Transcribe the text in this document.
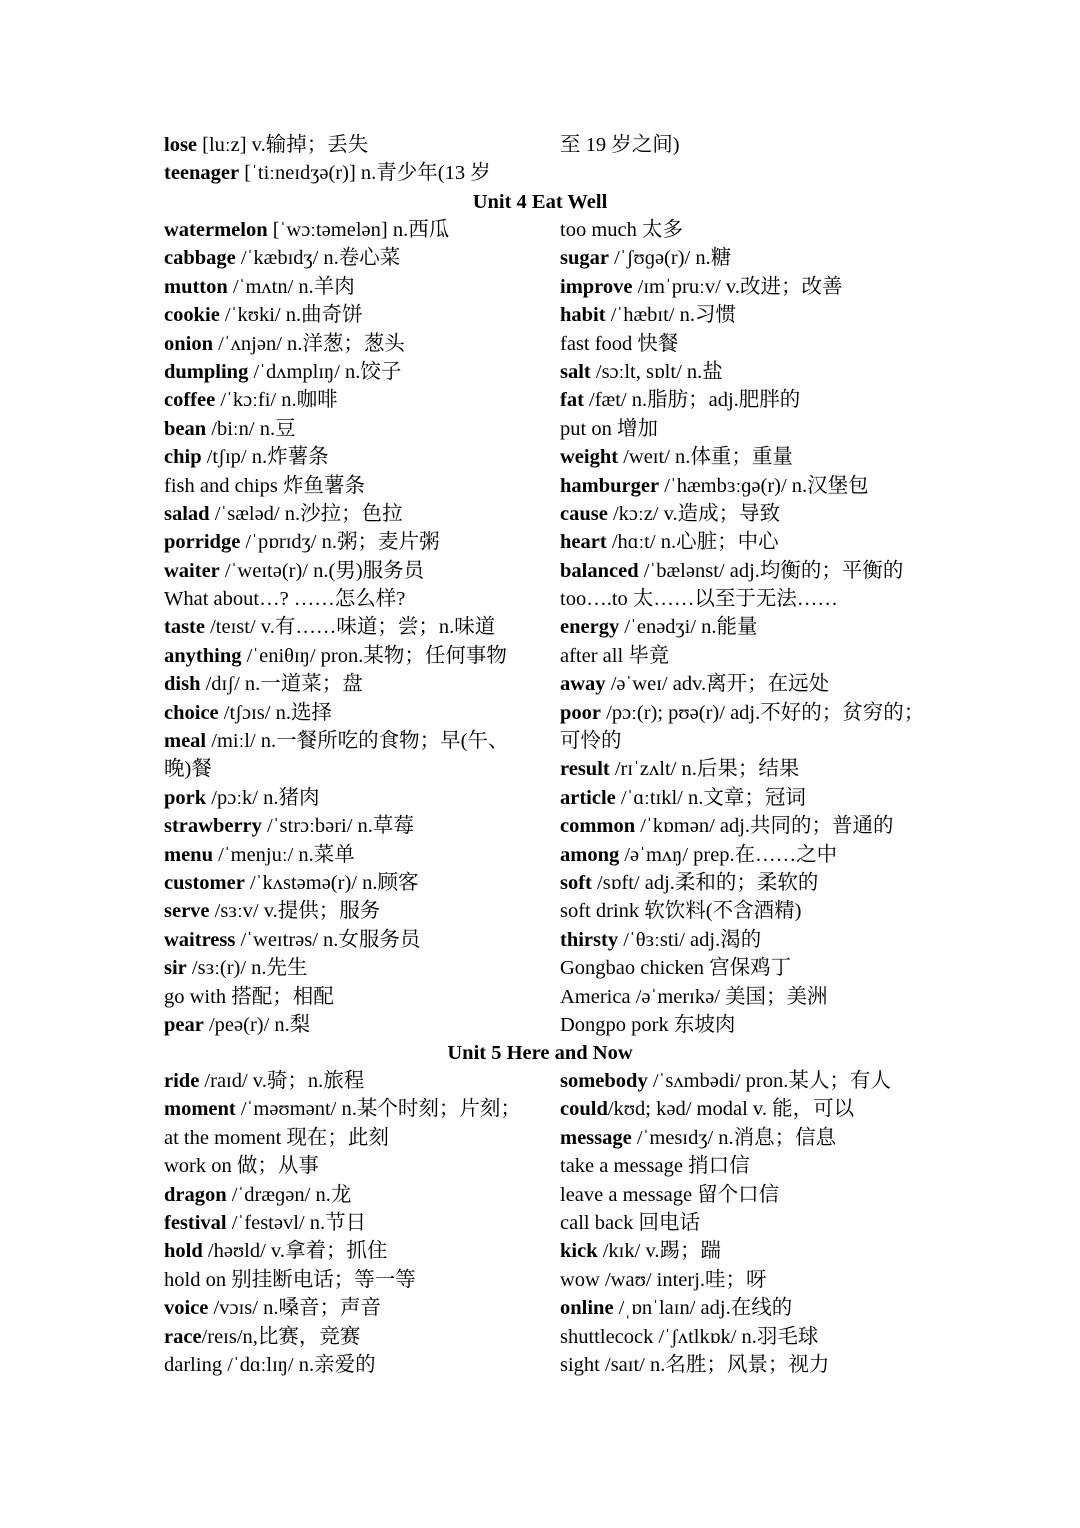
lose [luːz] v.输掉；丢失
teenager [ˈtiːneɪdʒə(r)] n.青少年(13 岁
至 19 岁之间)
Unit 4 Eat Well
watermelon [ˈwɔːtəmelən] n.西瓜
cabbage /ˈkæbɪdʒ/ n.卷心菜
mutton /ˈmʌtn/ n.羊肉
cookie /ˈkʊki/ n.曲奇饼
onion /ˈʌnjən/ n.洋葱；葱头
dumpling /ˈdʌmplɪŋ/ n.饺子
coffee /ˈkɔːfi/ n.咖啡
bean /biːn/ n.豆
chip /tʃɪp/ n.炸薯条
fish and chips 炸鱼薯条
salad /ˈsæləd/ n.沙拉；色拉
porridge /ˈpɒrɪdʒ/ n.粥；麦片粥
waiter /ˈweɪtə(r)/ n.(男)服务员
What about…? ……怎么样?
taste /teɪst/ v.有……味道；尝；n.味道
anything /ˈeniθɪŋ/ pron.某物；任何事物
dish /dɪʃ/ n.一道菜；盘
choice /tʃɔɪs/ n.选择
meal /miːl/ n.一餐所吃的食物；早(午、
晚)餐
pork /pɔːk/ n.猪肉
strawberry /ˈstrɔːbəri/ n.草莓
menu /ˈmenjuː/ n.菜单
customer /ˈkʌstəmə(r)/ n.顾客
serve /sɜːv/ v.提供；服务
waitress /ˈweɪtrəs/ n.女服务员
sir /sɜː(r)/ n.先生
go with 搭配；相配
pear /peə(r)/ n.梨
too much 太多
sugar /ˈʃʊɡə(r)/ n.糖
improve /ɪmˈpruːv/ v.改进；改善
habit /ˈhæbɪt/ n.习惯
fast food 快餐
salt /sɔːlt, sɒlt/ n.盐
fat /fæt/ n.脂肪；adj.肥胖的
put on 增加
weight /weɪt/ n.体重；重量
hamburger /ˈhæmbɜːɡə(r)/ n.汉堡包
cause /kɔːz/ v.造成；导致
heart /hɑːt/ n.心脏；中心
balanced /ˈbælənst/ adj.均衡的；平衡的
too….to 太……以至于无法……
energy /ˈenədʒi/ n.能量
after all 毕竟
away /əˈweɪ/ adv.离开；在远处
poor /pɔː(r); pʊə(r)/ adj.不好的；贫穷的；
可怜的
result /rɪˈzʌlt/ n.后果；结果
article /ˈɑːtɪkl/ n.文章；冠词
common /ˈkɒmən/ adj.共同的；普通的
among /əˈmʌŋ/ prep.在……之中
soft /sɒft/ adj.柔和的；柔软的
soft drink 软饮料(不含酒精)
thirsty /ˈθɜːsti/ adj.渴的
Gongbao chicken 宫保鸡丁
America /əˈmerɪkə/ 美国；美洲
Dongpo pork 东坡肉
Unit 5 Here and Now
ride /raɪd/ v.骑；n.旅程
moment /ˈməʊmənt/ n.某个时刻；片刻；
at the moment 现在；此刻
work on 做；从事
dragon /ˈdræɡən/ n.龙
festival /ˈfestəvl/ n.节日
hold /həʊld/ v.拿着；抓住
hold on 别挂断电话；等一等
voice /vɔɪs/ n.嗓音；声音
race/reɪs/n,比赛，竞赛
darling /ˈdɑːlɪŋ/ n.亲爱的
somebody /ˈsʌmbədi/ pron.某人；有人
could/kʊd; kəd/ modal v. 能，可以
message /ˈmesɪdʒ/ n.消息；信息
take a message 捎口信
leave a message 留个口信
call back 回电话
kick /kɪk/ v.踢；踹
wow /waʊ/ interj.哇；呀
online /ˌɒnˈlaɪn/ adj.在线的
shuttlecock /ˈʃʌtlkɒk/ n.羽毛球
sight /saɪt/ n.名胜；风景；视力
